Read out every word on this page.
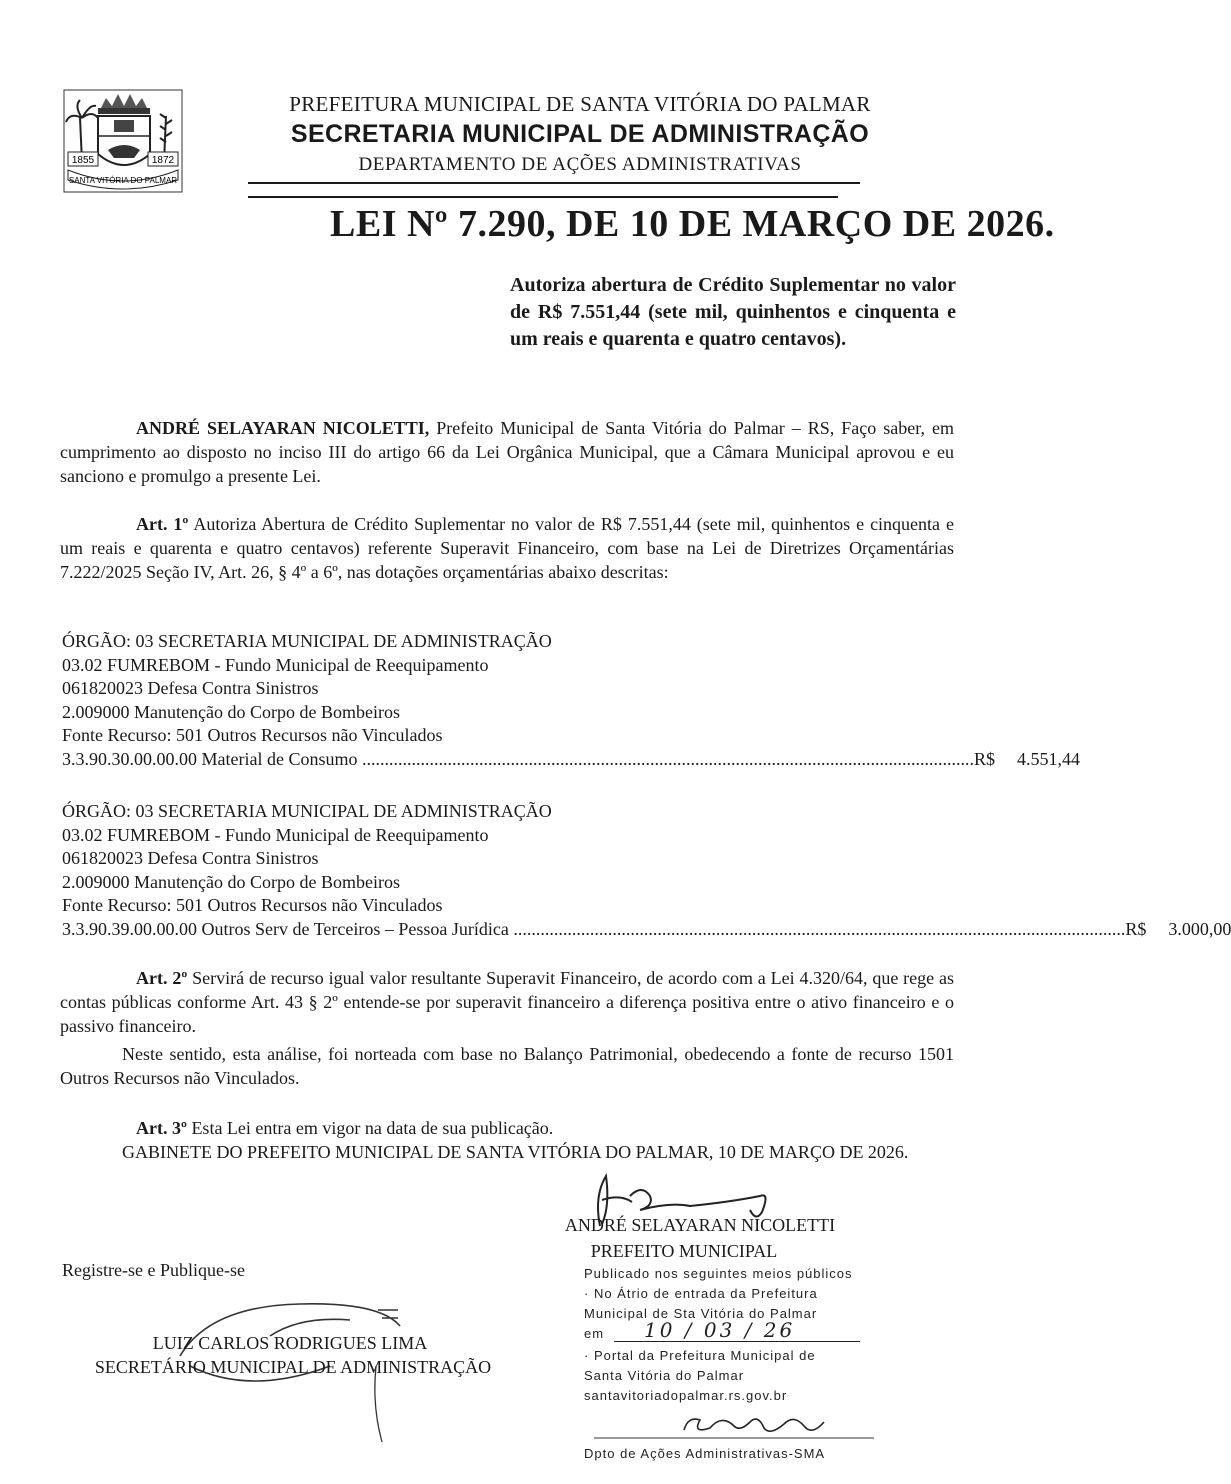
1855	1872
SANTA VITÓRIA DO PALMAR
PREFEITURA MUNICIPAL DE SANTA VITÓRIA DO PALMAR
SECRETARIA MUNICIPAL DE ADMINISTRAÇÃO
DEPARTAMENTO DE AÇÕES ADMINISTRATIVAS
LEI Nº 7.290, DE 10 DE MARÇO DE 2026.
Autoriza abertura de Crédito Suplementar no valor de R$ 7.551,44 (sete mil, quinhentos e cinquenta e um reais e quarenta e quatro centavos).
ANDRÉ SELAYARAN NICOLETTI, Prefeito Municipal de Santa Vitória do Palmar – RS, Faço saber, em cumprimento ao disposto no inciso III do artigo 66 da Lei Orgânica Municipal, que a Câmara Municipal aprovou e eu sanciono e promulgo a presente Lei.
Art. 1º Autoriza Abertura de Crédito Suplementar no valor de R$ 7.551,44 (sete mil, quinhentos e cinquenta e um reais e quarenta e quatro centavos) referente Superavit Financeiro, com base na Lei de Diretrizes Orçamentárias 7.222/2025 Seção IV, Art. 26, § 4º a 6º, nas dotações orçamentárias abaixo descritas:
ÓRGÃO: 03 SECRETARIA MUNICIPAL DE ADMINISTRAÇÃO
03.02 FUMREBOM - Fundo Municipal de Reequipamento
061820023 Defesa Contra Sinistros
2.009000 Manutenção do Corpo de Bombeiros
Fonte Recurso: 501 Outros Recursos não Vinculados
3.3.90.30.00.00.00 Material de Consumo ........................................................................................................................................ R$ 4.551,44
ÓRGÃO: 03 SECRETARIA MUNICIPAL DE ADMINISTRAÇÃO
03.02 FUMREBOM - Fundo Municipal de Reequipamento
061820023 Defesa Contra Sinistros
2.009000 Manutenção do Corpo de Bombeiros
Fonte Recurso: 501 Outros Recursos não Vinculados
3.3.90.39.00.00.00 Outros Serv de Terceiros – Pessoa Jurídica ........................................................................................................................................ R$ 3.000,00
Art. 2º Servirá de recurso igual valor resultante Superavit Financeiro, de acordo com a Lei 4.320/64, que rege as contas públicas conforme Art. 43 § 2º entende-se por superavit financeiro a diferença positiva entre o ativo financeiro e o passivo financeiro.
Neste sentido, esta análise, foi norteada com base no Balanço Patrimonial, obedecendo a fonte de recurso 1501 Outros Recursos não Vinculados.
Art. 3º Esta Lei entra em vigor na data de sua publicação.
GABINETE DO PREFEITO MUNICIPAL DE SANTA VITÓRIA DO PALMAR, 10 DE MARÇO DE 2026.
ANDRÉ SELAYARAN NICOLETTI
PREFEITO MUNICIPAL
Registre-se e Publique-se
LUIZ CARLOS RODRIGUES LIMA
SECRETÁRIO MUNICIPAL DE ADMINISTRAÇÃO
Publicado nos seguintes meios públicos
· No Átrio de entrada da Prefeitura
Municipal de Sta Vitória do Palmar
em 10 / 03 / 26
· Portal da Prefeitura Municipal de
Santa Vitória do Palmar
santavitoriadopalmar.rs.gov.br
Dpto de Ações Administrativas-SMA
